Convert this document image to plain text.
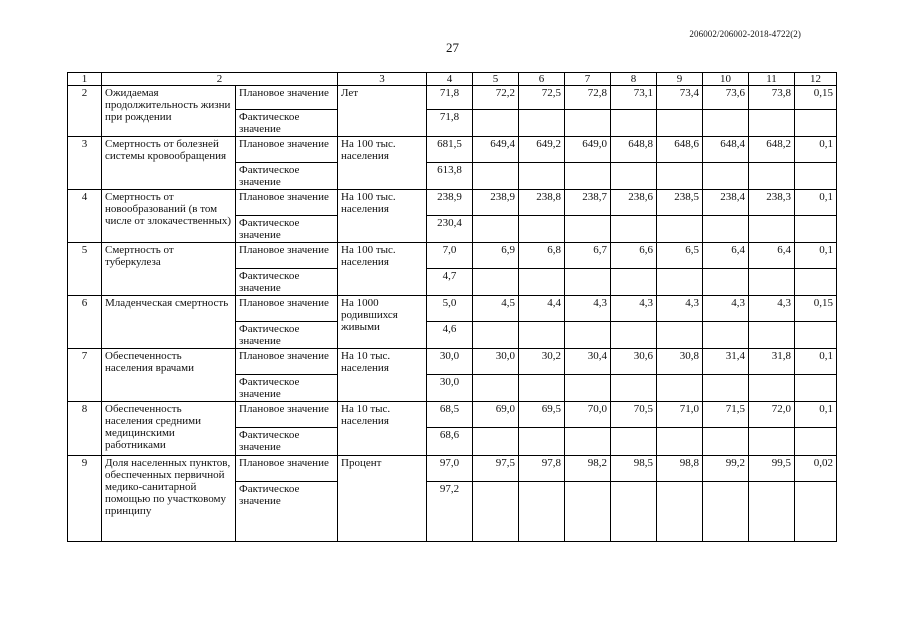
206002/206002-2018-4722(2)
27
1	2		3	4	5	6	7	8	9	10	11	12
2	Ожидаемая продолжительность жизни при рождении	Плановое значение	Лет	71,8	72,2	72,5	72,8	73,1	73,4	73,6	73,8	0,15
		Фактическое значение		71,8								
3	Смертность от болезней системы кровообращения	Плановое значение	На 100 тыс. населения	681,5	649,4	649,2	649,0	648,8	648,6	648,4	648,2	0,1
		Фактическое значение		613,8								
4	Смертность от новообразований (в том числе от злокачественных)	Плановое значение	На 100 тыс. населения	238,9	238,9	238,8	238,7	238,6	238,5	238,4	238,3	0,1
		Фактическое значение		230,4								
5	Смертность от туберкулеза	Плановое значение	На 100 тыс. населения	7,0	6,9	6,8	6,7	6,6	6,5	6,4	6,4	0,1
		Фактическое значение		4,7								
6	Младенческая смертность	Плановое значение	На 1000 родившихся живыми	5,0	4,5	4,4	4,3	4,3	4,3	4,3	4,3	0,15
		Фактическое значение		4,6								
7	Обеспеченность населения врачами	Плановое значение	На 10 тыс. населения	30,0	30,0	30,2	30,4	30,6	30,8	31,4	31,8	0,1
		Фактическое значение		30,0								
8	Обеспеченность населения средними медицинскими работниками	Плановое значение	На 10 тыс. населения	68,5	69,0	69,5	70,0	70,5	71,0	71,5	72,0	0,1
		Фактическое значение		68,6								
9	Доля населенных пунктов, обеспеченных первичной медико-санитарной помощью по участковому принципу	Плановое значение	Процент	97,0	97,5	97,8	98,2	98,5	98,8	99,2	99,5	0,02
		Фактическое значение		97,2								
